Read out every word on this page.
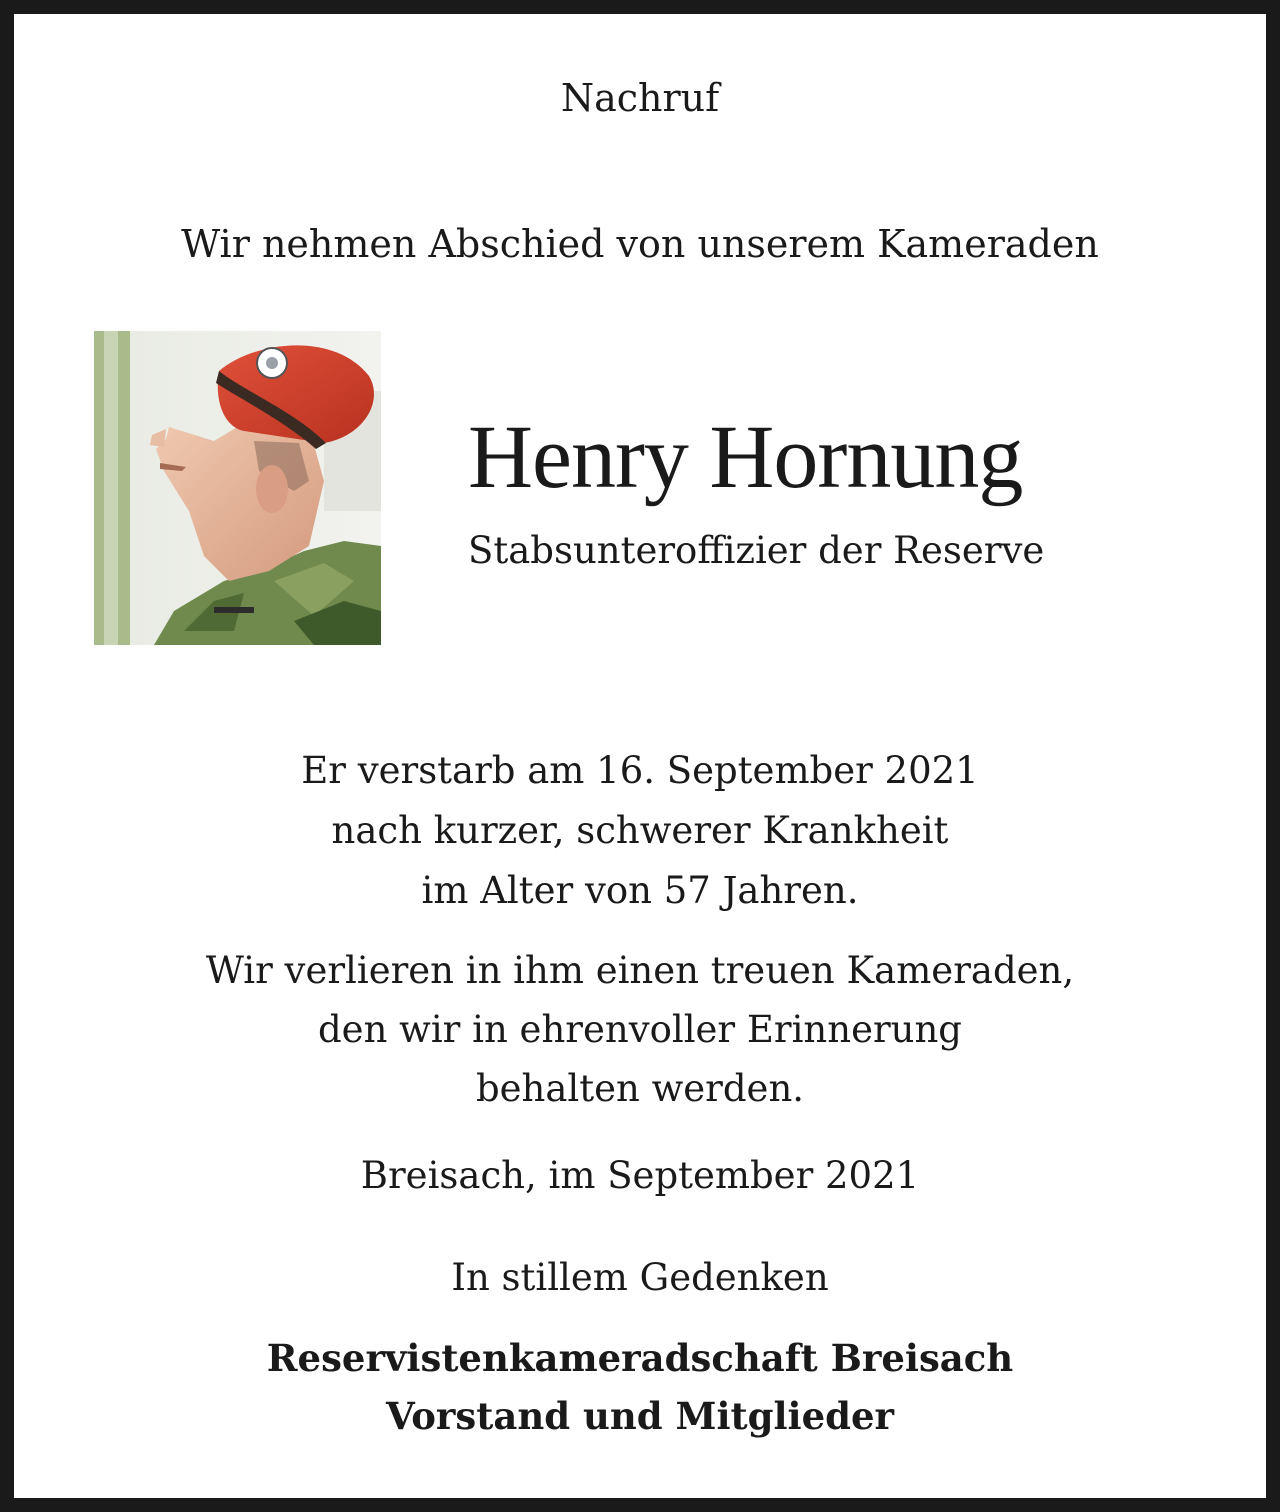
Nachruf
Wir nehmen Abschied von unserem Kameraden
Henry Hornung
Stabsunteroffizier der Reserve
Er verstarb am 16. September 2021
nach kurzer, schwerer Krankheit
im Alter von 57 Jahren.
Wir verlieren in ihm einen treuen Kameraden,
den wir in ehrenvoller Erinnerung
behalten werden.
Breisach, im September 2021
In stillem Gedenken
Reservistenkameradschaft Breisach
Vorstand und Mitglieder
